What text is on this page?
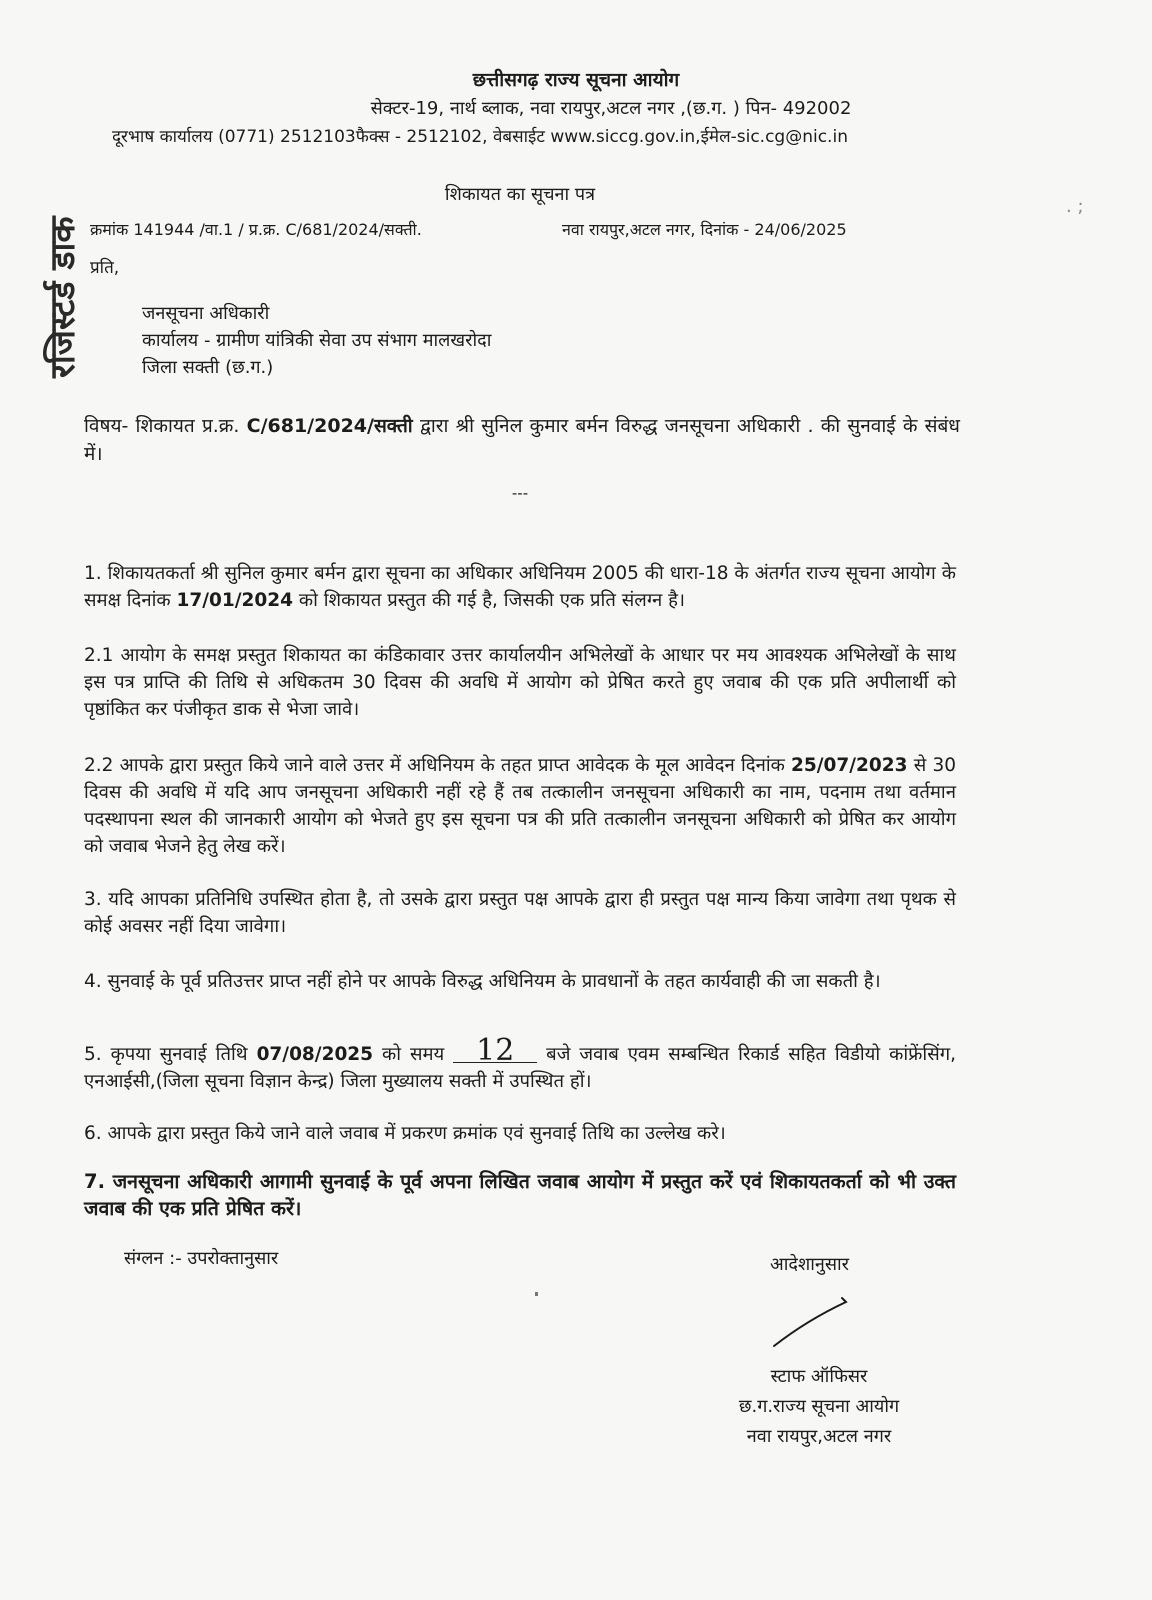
रजिस्टर्ड डाक
छत्तीसगढ़ राज्य सूचना आयोग
सेक्टर-19, नार्थ ब्लाक, नवा रायपुर,अटल नगर ,(छ.ग. ) पिन- 492002
दूरभाष कार्यालय (0771) 2512103फैक्स - 2512102, वेबसाईट www.siccg.gov.in,ईमेल-sic.cg@nic.in
शिकायत का सूचना पत्र
. ;
क्रमांक 141944 /वा.1 / प्र.क्र. C/681/2024/सक्ती.	नवा रायपुर,अटल नगर, दिनांक - 24/06/2025
प्रति,
जनसूचना अधिकारी
कार्यालय - ग्रामीण यांत्रिकी सेवा उप संभाग मालखरोदा
जिला सक्ती (छ.ग.)
विषय- शिकायत प्र.क्र. C/681/2024/सक्ती द्वारा श्री सुनिल कुमार बर्मन विरुद्ध जनसूचना अधिकारी . की सुनवाई के संबंध में।
---
1. शिकायतकर्ता श्री सुनिल कुमार बर्मन द्वारा सूचना का अधिकार अधिनियम 2005 की धारा-18 के अंतर्गत राज्य सूचना आयोग के समक्ष दिनांक 17/01/2024 को शिकायत प्रस्तुत की गई है, जिसकी एक प्रति संलग्न है।
2.1 आयोग के समक्ष प्रस्तुत शिकायत का कंडिकावार उत्तर कार्यालयीन अभिलेखों के आधार पर मय आवश्यक अभिलेखों के साथ इस पत्र प्राप्ति की तिथि से अधिकतम 30 दिवस की अवधि में आयोग को प्रेषित करते हुए जवाब की एक प्रति अपीलार्थी को पृष्ठांकित कर पंजीकृत डाक से भेजा जावे।
2.2 आपके द्वारा प्रस्तुत किये जाने वाले उत्तर में अधिनियम के तहत प्राप्त आवेदक के मूल आवेदन दिनांक 25/07/2023 से 30 दिवस की अवधि में यदि आप जनसूचना अधिकारी नहीं रहे हैं तब तत्कालीन जनसूचना अधिकारी का नाम, पदनाम तथा वर्तमान पदस्थापना स्थल की जानकारी आयोग को भेजते हुए इस सूचना पत्र की प्रति तत्कालीन जनसूचना अधिकारी को प्रेषित कर आयोग को जवाब भेजने हेतु लेख करें।
3. यदि आपका प्रतिनिधि उपस्थित होता है, तो उसके द्वारा प्रस्तुत पक्ष आपके द्वारा ही प्रस्तुत पक्ष मान्य किया जावेगा तथा पृथक से कोई अवसर नहीं दिया जावेगा।
4. सुनवाई के पूर्व प्रतिउत्तर प्राप्त नहीं होने पर आपके विरुद्ध अधिनियम के प्रावधानों के तहत कार्यवाही की जा सकती है।
5. कृपया सुनवाई तिथि 07/08/2025 को समय 12 बजे जवाब एवम सम्बन्धित रिकार्ड सहित विडीयो कांफ्रेंसिंग, एनआईसी,(जिला सूचना विज्ञान केन्द्र) जिला मुख्यालय सक्ती में उपस्थित हों।
6. आपके द्वारा प्रस्तुत किये जाने वाले जवाब में प्रकरण क्रमांक एवं सुनवाई तिथि का उल्लेख करे।
7. जनसूचना अधिकारी आगामी सुनवाई के पूर्व अपना लिखित जवाब आयोग में प्रस्तुत करें एवं शिकायतकर्ता को भी उक्त जवाब की एक प्रति प्रेषित करें।
संग्लन :- उपरोक्तानुसार	आदेशानुसार
स्टाफ ऑफिसर
छ.ग.राज्य सूचना आयोग
नवा रायपुर,अटल नगर
